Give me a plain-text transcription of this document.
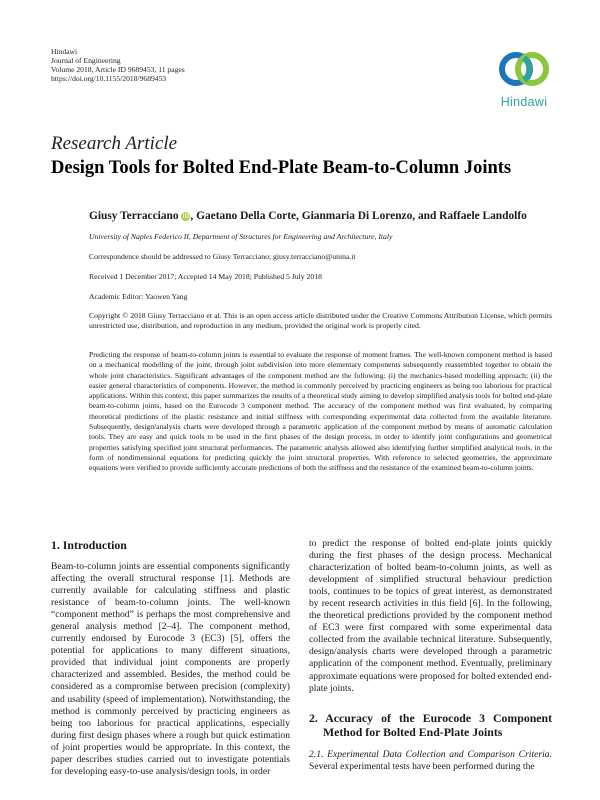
Hindawi
Journal of Engineering
Volume 2018, Article ID 9689453, 11 pages
https://doi.org/10.1155/2018/9689453
Hindawi
Research Article
Design Tools for Bolted End-Plate Beam-to-Column Joints
Giusy Terracciano iD, Gaetano Della Corte, Gianmaria Di Lorenzo, and Raffaele Landolfo
University of Naples Federico II, Department of Structures for Engineering and Architecture, Italy
Correspondence should be addressed to Giusy Terracciano; giusy.terracciano@unina.it
Received 1 December 2017; Accepted 14 May 2018; Published 5 July 2018
Academic Editor: Yaowen Yang
Copyright © 2018 Giusy Terracciano et al. This is an open access article distributed under the Creative Commons Attribution License, which permits unrestricted use, distribution, and reproduction in any medium, provided the original work is properly cited.
Predicting the response of beam-to-column joints is essential to evaluate the response of moment frames. The well-known component method is based on a mechanical modelling of the joint, through joint subdivision into more elementary components subsequently reassembled together to obtain the whole joint characteristics. Significant advantages of the component method are the following: (i) the mechanics-based modelling approach; (ii) the easier general characteristics of components. However, the method is commonly perceived by practicing engineers as being too laborious for practical applications. Within this context, this paper summarizes the results of a theoretical study aiming to develop simplified analysis tools for bolted end-plate beam-to-column joints, based on the Eurocode 3 component method. The accuracy of the component method was first evaluated, by comparing theoretical predictions of the plastic resistance and initial stiffness with corresponding experimental data collected from the available literature. Subsequently, design/analysis charts were developed through a parametric application of the component method by means of automatic calculation tools. They are easy and quick tools to be used in the first phases of the design process, in order to identify joint configurations and geometrical properties satisfying specified joint structural performances. The parametric analysis allowed also identifying further simplified analytical tools, in the form of nondimensional equations for predicting quickly the joint structural properties. With reference to selected geometries, the approximate equations were verified to provide sufficiently accurate predictions of both the stiffness and the resistance of the examined beam-to-column joints.
1. Introduction
Beam-to-column joints are essential components significantly affecting the overall structural response [1]. Methods are currently available for calculating stiffness and plastic resistance of beam-to-column joints. The well-known “component method” is perhaps the most comprehensive and general analysis method [2–4]. The component method, currently endorsed by Eurocode 3 (EC3) [5], offers the potential for applications to many different situations, provided that individual joint components are properly characterized and assembled. Besides, the method could be considered as a compromise between precision (complexity) and usability (speed of implementation). Notwithstanding, the method is commonly perceived by practicing engineers as being too laborious for practical applications, especially during first design phases where a rough but quick estimation of joint properties would be appropriate. In this context, the paper describes studies carried out to investigate potentials for developing easy-to-use analysis/design tools, in order
to predict the response of bolted end-plate joints quickly during the first phases of the design process. Mechanical characterization of bolted beam-to-column joints, as well as development of simplified structural behaviour prediction tools, continues to be topics of great interest, as demonstrated by recent research activities in this field [6]. In the following, the theoretical predictions provided by the component method of EC3 were first compared with some experimental data collected from the available technical literature. Subsequently, design/analysis charts were developed through a parametric application of the component method. Eventually, preliminary approximate equations were proposed for bolted extended end-plate joints.
2. Accuracy of the Eurocode 3 Component Method for Bolted End-Plate Joints
2.1. Experimental Data Collection and Comparison Criteria. Several experimental tests have been performed during the
